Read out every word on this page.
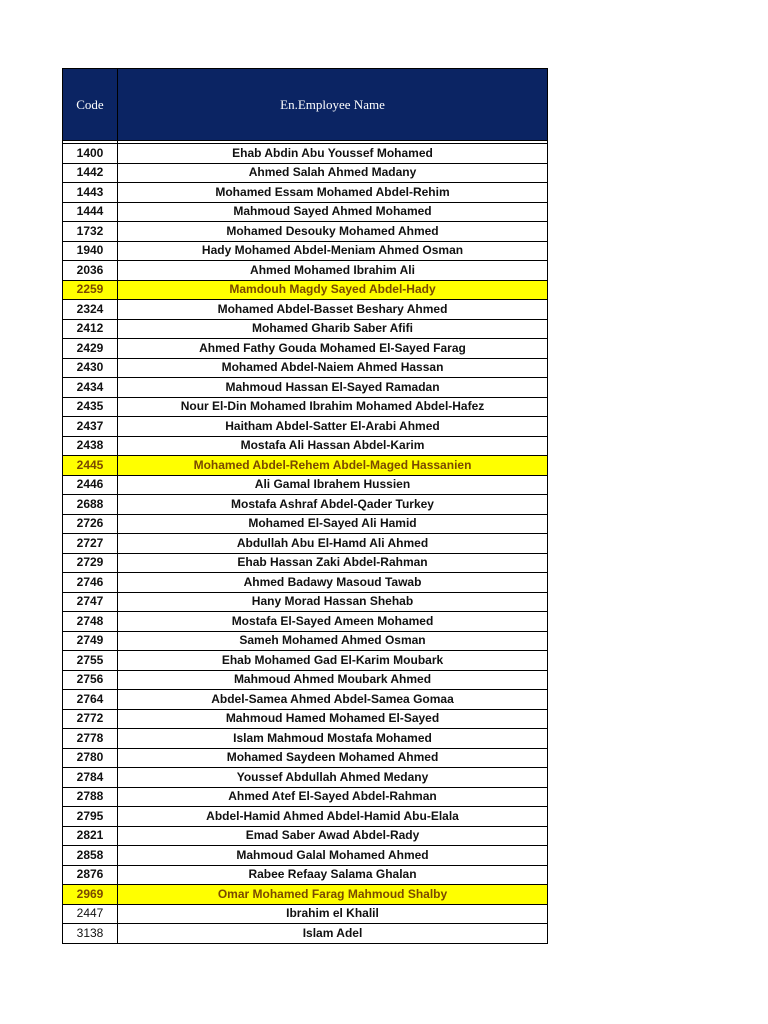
Code	En.Employee Name

1400	Ehab Abdin Abu Youssef Mohamed
1442	Ahmed Salah Ahmed Madany
1443	Mohamed Essam Mohamed Abdel-Rehim
1444	Mahmoud Sayed Ahmed Mohamed
1732	Mohamed Desouky Mohamed Ahmed
1940	Hady Mohamed Abdel-Meniam Ahmed Osman
2036	Ahmed Mohamed Ibrahim Ali
2259	Mamdouh Magdy Sayed Abdel-Hady
2324	Mohamed Abdel-Basset Beshary Ahmed
2412	Mohamed Gharib Saber Afifi
2429	Ahmed Fathy Gouda Mohamed El-Sayed Farag
2430	Mohamed Abdel-Naiem Ahmed Hassan
2434	Mahmoud Hassan El-Sayed Ramadan
2435	Nour El-Din Mohamed Ibrahim Mohamed Abdel-Hafez
2437	Haitham Abdel-Satter El-Arabi Ahmed
2438	Mostafa Ali Hassan Abdel-Karim
2445	Mohamed Abdel-Rehem Abdel-Maged Hassanien
2446	Ali Gamal Ibrahem Hussien
2688	Mostafa Ashraf Abdel-Qader Turkey
2726	Mohamed El-Sayed Ali Hamid
2727	Abdullah Abu El-Hamd Ali Ahmed
2729	Ehab Hassan Zaki Abdel-Rahman
2746	Ahmed Badawy Masoud Tawab
2747	Hany Morad Hassan Shehab
2748	Mostafa El-Sayed Ameen Mohamed
2749	Sameh Mohamed Ahmed Osman
2755	Ehab Mohamed Gad El-Karim Moubark
2756	Mahmoud Ahmed Moubark Ahmed
2764	Abdel-Samea Ahmed Abdel-Samea Gomaa
2772	Mahmoud Hamed Mohamed El-Sayed
2778	Islam Mahmoud Mostafa Mohamed
2780	Mohamed Saydeen Mohamed Ahmed
2784	Youssef Abdullah Ahmed Medany
2788	Ahmed Atef El-Sayed Abdel-Rahman
2795	Abdel-Hamid Ahmed Abdel-Hamid Abu-Elala
2821	Emad Saber Awad Abdel-Rady
2858	Mahmoud Galal Mohamed Ahmed
2876	Rabee Refaay Salama Ghalan
2969	Omar Mohamed Farag Mahmoud Shalby
2447	Ibrahim el Khalil
3138	Islam Adel
